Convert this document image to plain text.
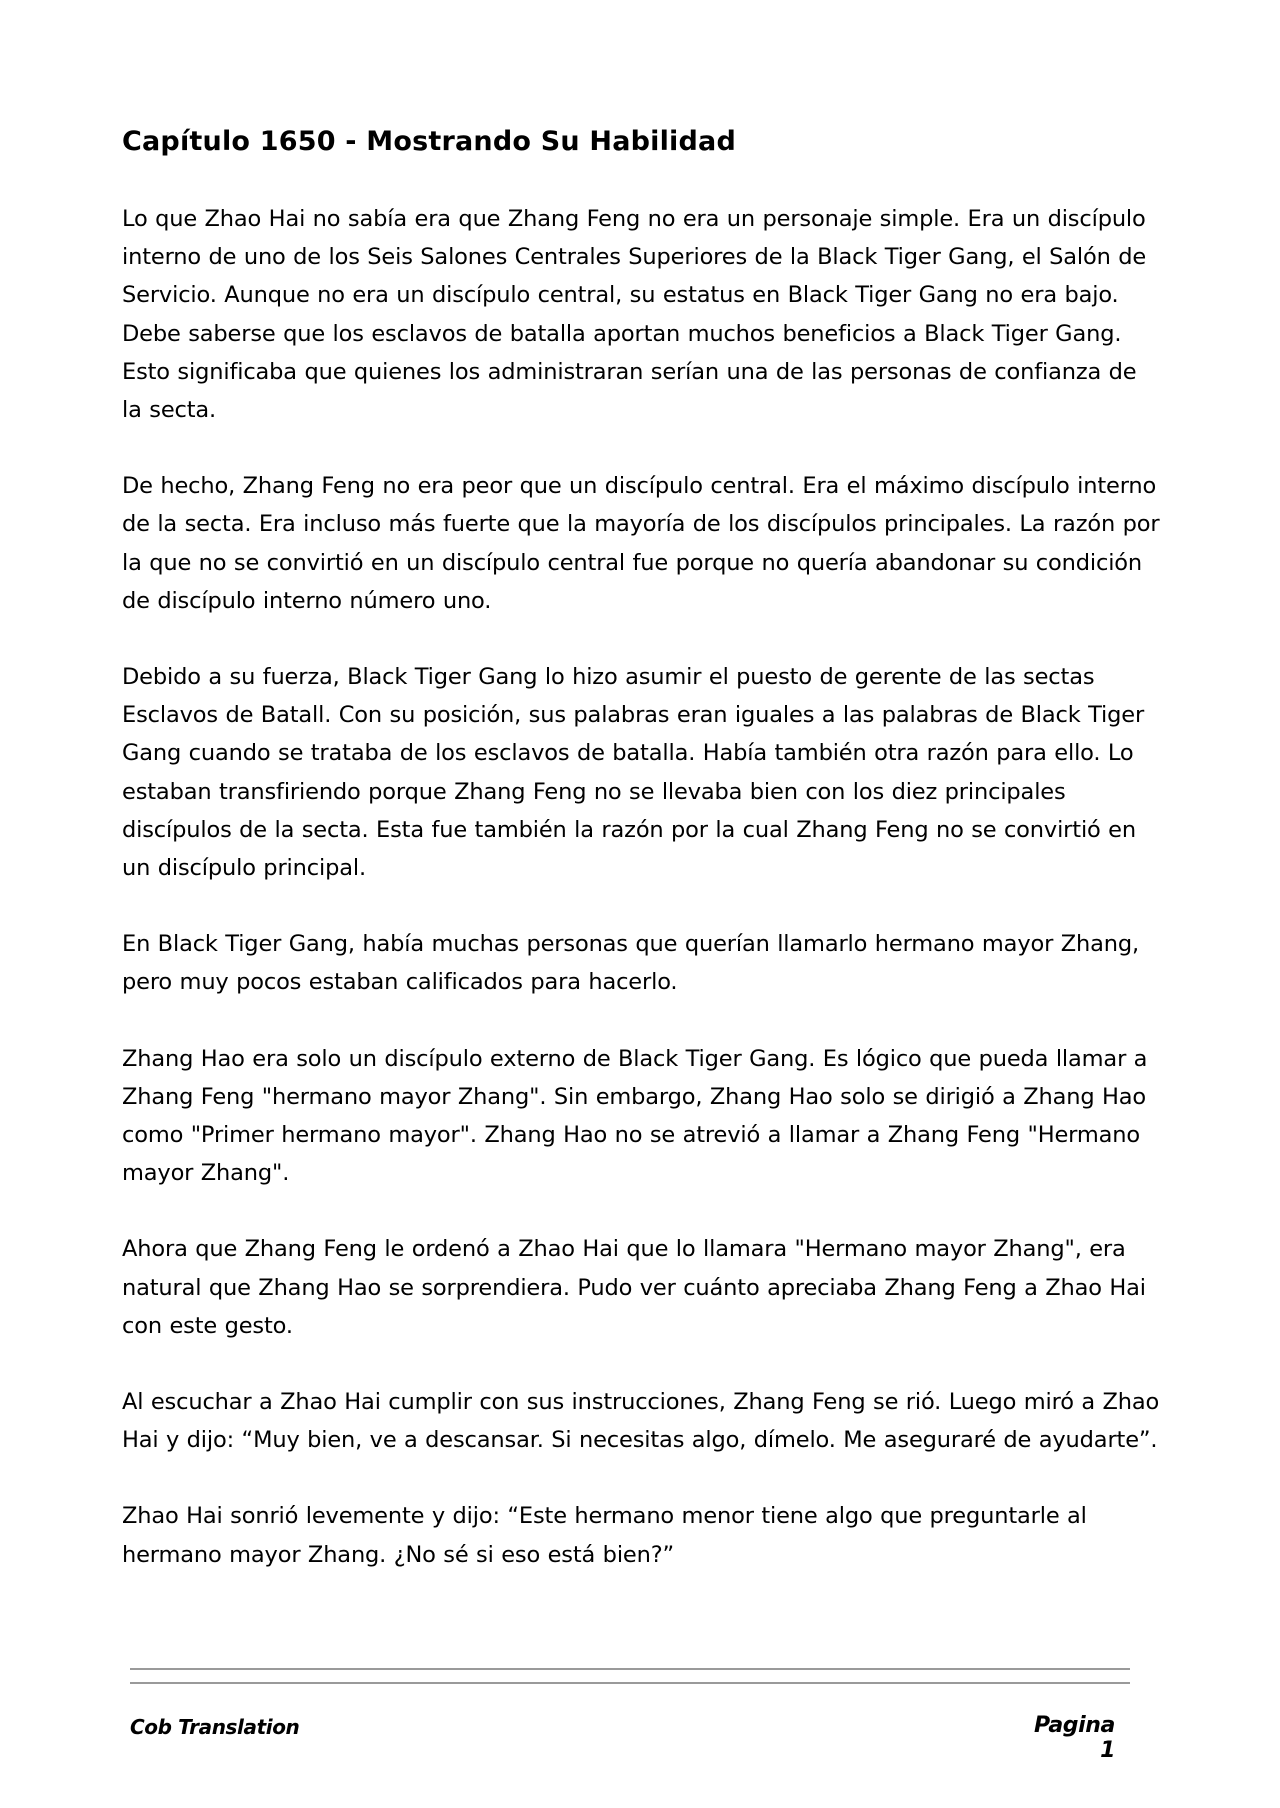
Capítulo 1650 - Mostrando Su Habilidad

Lo que Zhao Hai no sabía era que Zhang Feng no era un personaje simple. Era un discípulo interno de uno de los Seis Salones Centrales Superiores de la Black Tiger Gang, el Salón de Servicio. Aunque no era un discípulo central, su estatus en Black Tiger Gang no era bajo. Debe saberse que los esclavos de batalla aportan muchos beneficios a Black Tiger Gang. Esto significaba que quienes los administraran serían una de las personas de confianza de la secta.

De hecho, Zhang Feng no era peor que un discípulo central. Era el máximo discípulo interno de la secta. Era incluso más fuerte que la mayoría de los discípulos principales. La razón por la que no se convirtió en un discípulo central fue porque no quería abandonar su condición de discípulo interno número uno.

Debido a su fuerza, Black Tiger Gang lo hizo asumir el puesto de gerente de las sectas Esclavos de Batall. Con su posición, sus palabras eran iguales a las palabras de Black Tiger Gang cuando se trataba de los esclavos de batalla. Había también otra razón para ello. Lo estaban transfiriendo porque Zhang Feng no se llevaba bien con los diez principales discípulos de la secta. Esta fue también la razón por la cual Zhang Feng no se convirtió en un discípulo principal.

En Black Tiger Gang, había muchas personas que querían llamarlo hermano mayor Zhang, pero muy pocos estaban calificados para hacerlo.

Zhang Hao era solo un discípulo externo de Black Tiger Gang. Es lógico que pueda llamar a Zhang Feng "hermano mayor Zhang". Sin embargo, Zhang Hao solo se dirigió a Zhang Hao como "Primer hermano mayor". Zhang Hao no se atrevió a llamar a Zhang Feng "Hermano mayor Zhang".

Ahora que Zhang Feng le ordenó a Zhao Hai que lo llamara "Hermano mayor Zhang", era natural que Zhang Hao se sorprendiera. Pudo ver cuánto apreciaba Zhang Feng a Zhao Hai con este gesto.

Al escuchar a Zhao Hai cumplir con sus instrucciones, Zhang Feng se rió. Luego miró a Zhao Hai y dijo: “Muy bien, ve a descansar. Si necesitas algo, dímelo. Me aseguraré de ayudarte”.

Zhao Hai sonrió levemente y dijo: “Este hermano menor tiene algo que preguntarle al hermano mayor Zhang. ¿No sé si eso está bien?”

Cob Translation	Pagina 1
